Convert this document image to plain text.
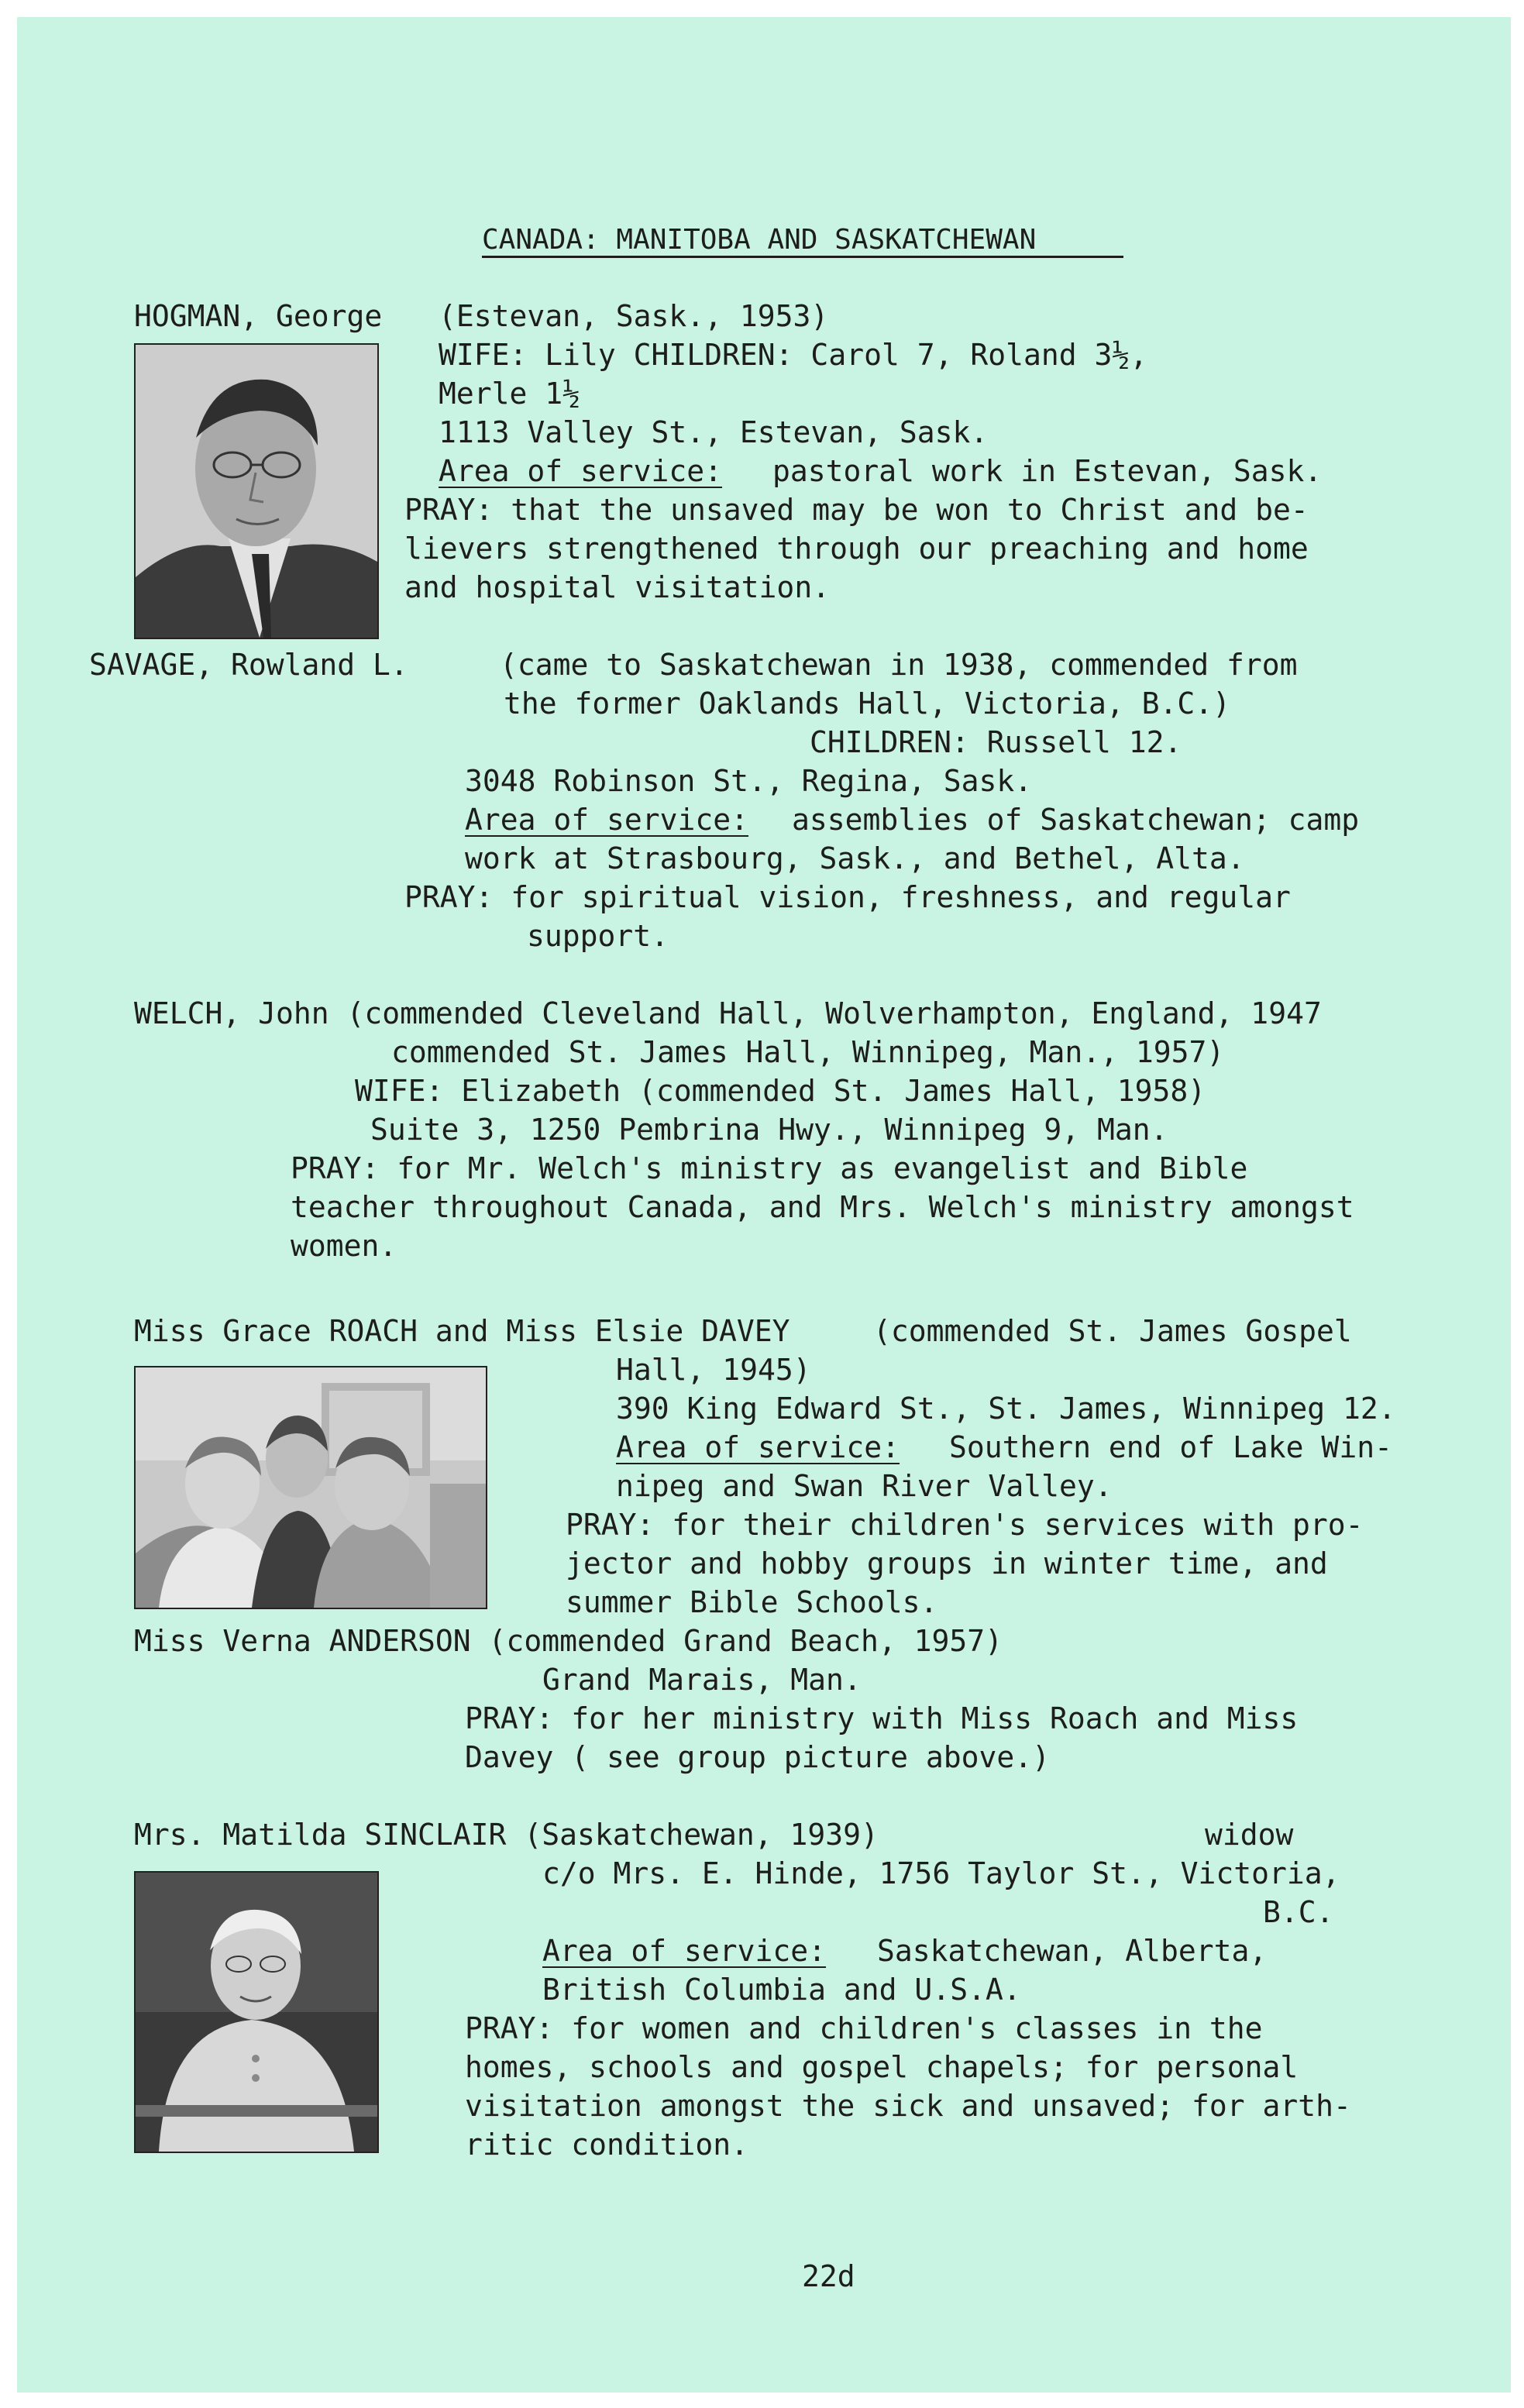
CANADA: MANITOBA AND SASKATCHEWAN
HOGMAN, George (Estevan, Sask., 1953)
WIFE: Lily CHILDREN: Carol 7, Roland 3½,
Merle 1½
1113 Valley St., Estevan, Sask.
Area of service: pastoral work in Estevan, Sask.
PRAY: that the unsaved may be won to Christ and be-
lievers strengthened through our preaching and home
and hospital visitation.
SAVAGE, Rowland L.	(came to Saskatchewan in 1938, commended from
the former Oaklands Hall, Victoria, B.C.)
CHILDREN: Russell 12.
3048 Robinson St., Regina, Sask.
Area of service: assemblies of Saskatchewan; camp
work at Strasbourg, Sask., and Bethel, Alta.
PRAY: for spiritual vision, freshness, and regular
support.
WELCH, John (commended Cleveland Hall, Wolverhampton, England, 1947
commended St. James Hall, Winnipeg, Man., 1957)
WIFE: Elizabeth (commended St. James Hall, 1958)
Suite 3, 1250 Pembrina Hwy., Winnipeg 9, Man.
PRAY: for Mr. Welch's ministry as evangelist and Bible
teacher throughout Canada, and Mrs. Welch's ministry amongst
women.
Miss Grace ROACH and Miss Elsie DAVEY	(commended St. James Gospel
Hall, 1945)
390 King Edward St., St. James, Winnipeg 12.
Area of service: Southern end of Lake Win-
nipeg and Swan River Valley.
PRAY: for their children's services with pro-
jector and hobby groups in winter time, and
summer Bible Schools.
Miss Verna ANDERSON (commended Grand Beach, 1957)
Grand Marais, Man.
PRAY: for her ministry with Miss Roach and Miss
Davey ( see group picture above.)
Mrs. Matilda SINCLAIR (Saskatchewan, 1939)	widow
c/o Mrs. E. Hinde, 1756 Taylor St., Victoria,
B.C.
Area of service: Saskatchewan, Alberta,
British Columbia and U.S.A.
PRAY: for women and children's classes in the
homes, schools and gospel chapels; for personal
visitation amongst the sick and unsaved; for arth-
ritic condition.
22d
